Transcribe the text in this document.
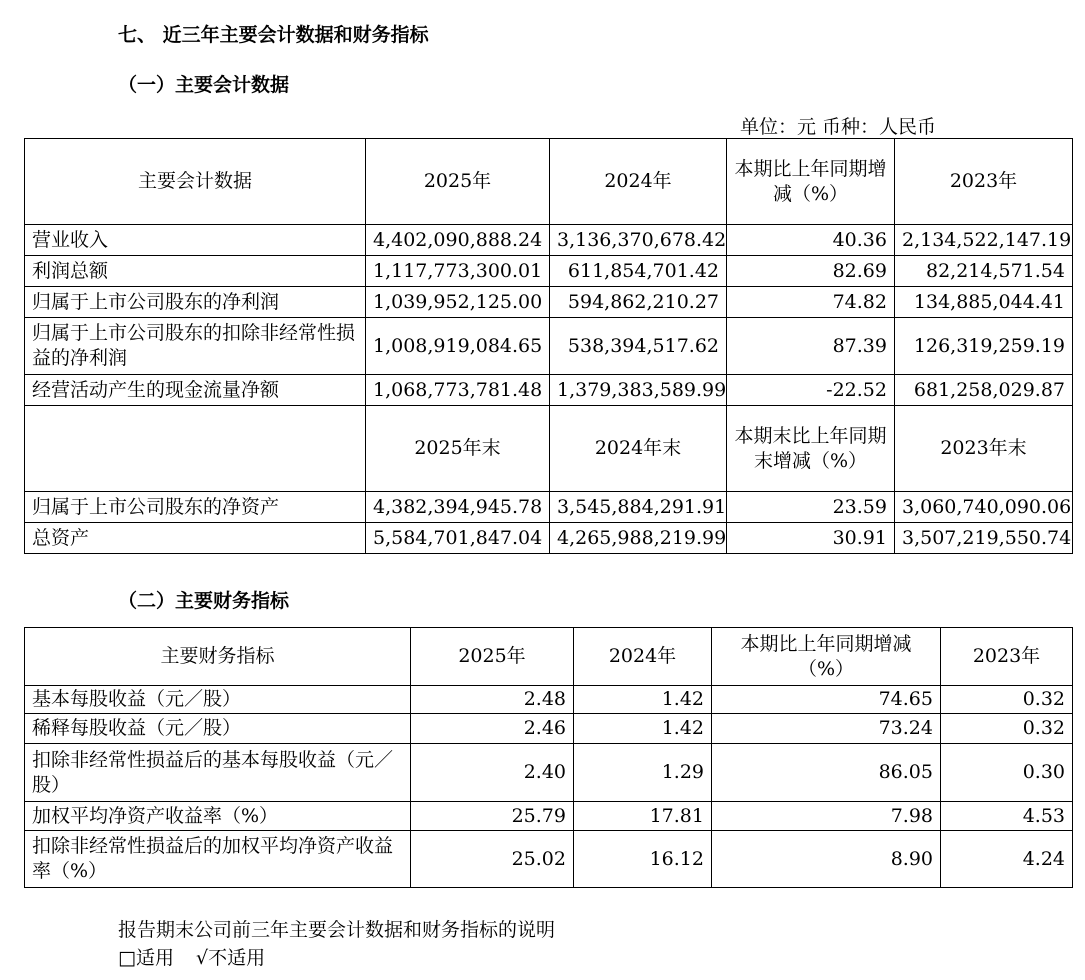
七、 近三年主要会计数据和财务指标
（一）主要会计数据
单位：元 币种：人民币
主要会计数据	2025年	2024年	本期比上年同期增减（%）	2023年
营业收入	4,402,090,888.24	3,136,370,678.42	40.36	2,134,522,147.19
利润总额	1,117,773,300.01	611,854,701.42	82.69	82,214,571.54
归属于上市公司股东的净利润	1,039,952,125.00	594,862,210.27	74.82	134,885,044.41
归属于上市公司股东的扣除非经常性损益的净利润	1,008,919,084.65	538,394,517.62	87.39	126,319,259.19
经营活动产生的现金流量净额	1,068,773,781.48	1,379,383,589.99	-22.52	681,258,029.87
	2025年末	2024年末	本期末比上年同期末增减（%）	2023年末
归属于上市公司股东的净资产	4,382,394,945.78	3,545,884,291.91	23.59	3,060,740,090.06
总资产	5,584,701,847.04	4,265,988,219.99	30.91	3,507,219,550.74
（二）主要财务指标
主要财务指标	2025年	2024年	本期比上年同期增减（%）	2023年
基本每股收益（元／股）	2.48	1.42	74.65	0.32
稀释每股收益（元／股）	2.46	1.42	73.24	0.32
扣除非经常性损益后的基本每股收益（元／股）	2.40	1.29	86.05	0.30
加权平均净资产收益率（%）	25.79	17.81	7.98	4.53
扣除非经常性损益后的加权平均净资产收益率（%）	25.02	16.12	8.90	4.24
报告期末公司前三年主要会计数据和财务指标的说明
□适用 √不适用
